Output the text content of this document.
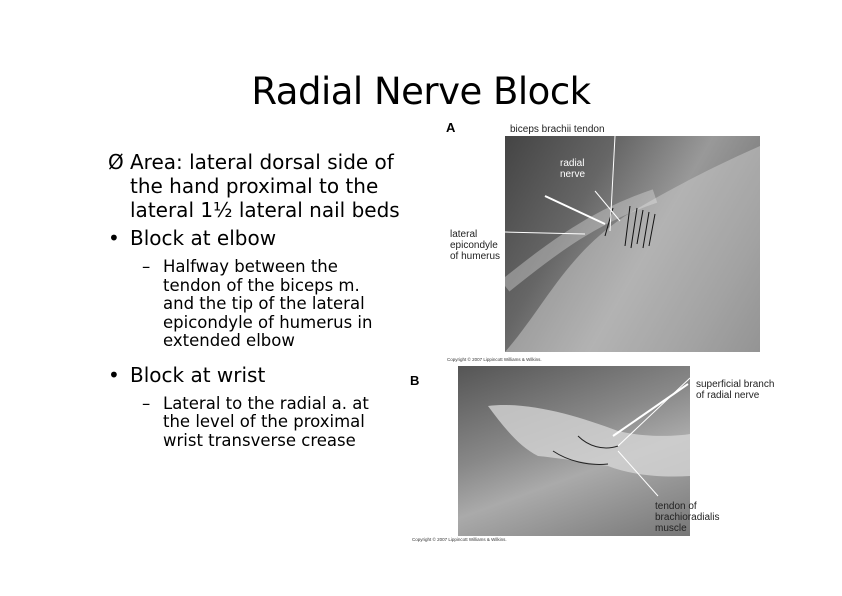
Radial Nerve Block
Ø Area: lateral dorsal side of
the hand proximal to the
lateral 1½ lateral nail beds
• Block at elbow
– Halfway between the
tendon of the biceps m.
and the tip of the lateral
epicondyle of humerus in
extended elbow
• Block at wrist
– Lateral to the radial a. at
the level of the proximal
wrist transverse crease
A
radial
nerve
biceps brachii tendon
lateral
epicondyle
of humerus
Copyright © 2007 Lippincott Williams & Wilkins.
B	superficial branch
of radial nerve
tendon of
brachioradialis
muscle
Copyright © 2007 Lippincott Williams & Wilkins.
